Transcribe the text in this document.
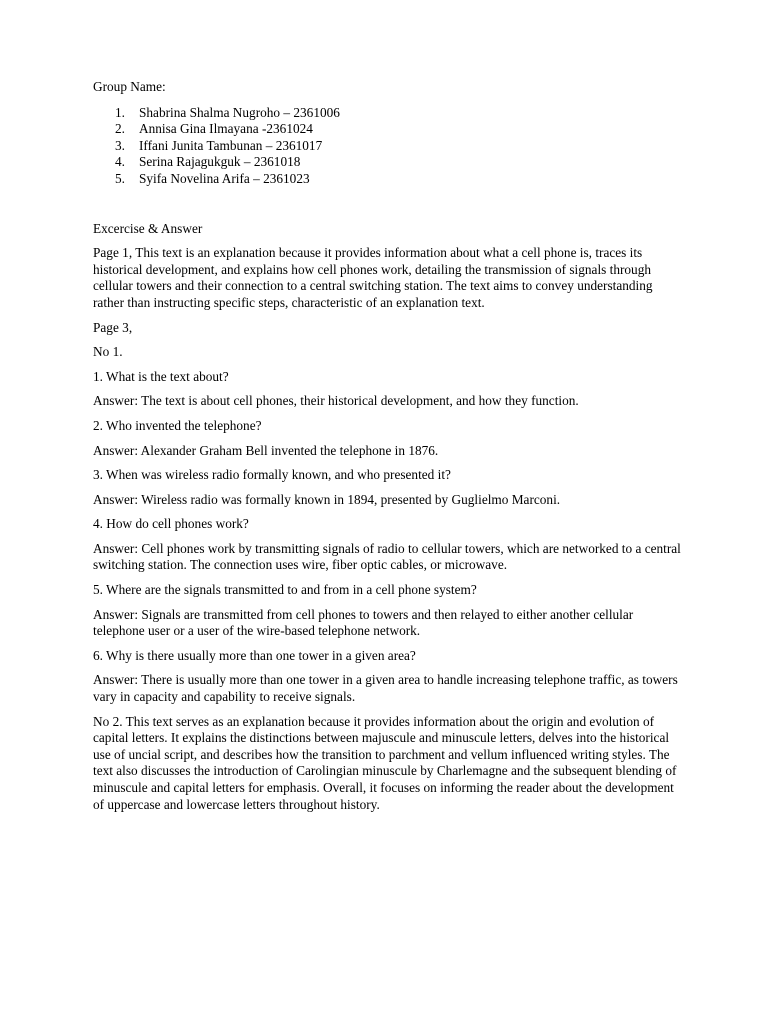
Group Name:

1. Shabrina Shalma Nugroho – 2361006
2. Annisa Gina Ilmayana -2361024
3. Iffani Junita Tambunan – 2361017
4. Serina Rajagukguk – 2361018
5. Syifa Novelina Arifa – 2361023

Excercise & Answer

Page 1, This text is an explanation because it provides information about what a cell phone is, traces its historical development, and explains how cell phones work, detailing the transmission of signals through cellular towers and their connection to a central switching station. The text aims to convey understanding rather than instructing specific steps, characteristic of an explanation text.

Page 3,

No 1.

1. What is the text about?

Answer: The text is about cell phones, their historical development, and how they function.

2. Who invented the telephone?

Answer: Alexander Graham Bell invented the telephone in 1876.

3. When was wireless radio formally known, and who presented it?

Answer: Wireless radio was formally known in 1894, presented by Guglielmo Marconi.

4. How do cell phones work?

Answer: Cell phones work by transmitting signals of radio to cellular towers, which are networked to a central switching station. The connection uses wire, fiber optic cables, or microwave.

5. Where are the signals transmitted to and from in a cell phone system?

Answer: Signals are transmitted from cell phones to towers and then relayed to either another cellular telephone user or a user of the wire-based telephone network.

6. Why is there usually more than one tower in a given area?

Answer: There is usually more than one tower in a given area to handle increasing telephone traffic, as towers vary in capacity and capability to receive signals.

No 2. This text serves as an explanation because it provides information about the origin and evolution of capital letters. It explains the distinctions between majuscule and minuscule letters, delves into the historical use of uncial script, and describes how the transition to parchment and vellum influenced writing styles. The text also discusses the introduction of Carolingian minuscule by Charlemagne and the subsequent blending of minuscule and capital letters for emphasis. Overall, it focuses on informing the reader about the development of uppercase and lowercase letters throughout history.
